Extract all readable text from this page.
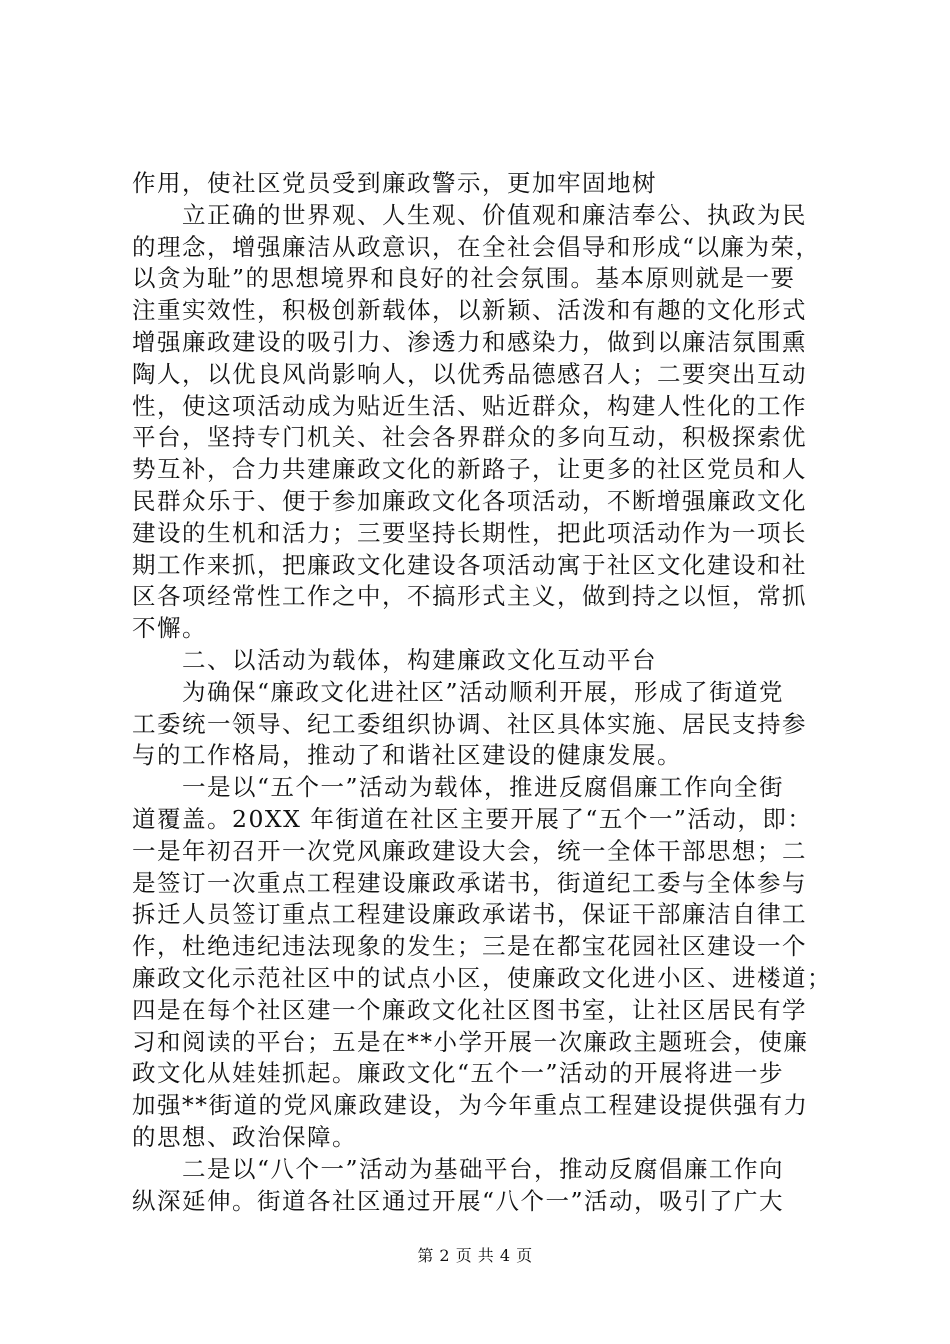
作用，使社区党员受到廉政警示，更加牢固地树
立正确的世界观、人生观、价值观和廉洁奉公、执政为民
的理念，增强廉洁从政意识，在全社会倡导和形成“以廉为荣，
以贪为耻”的思想境界和良好的社会氛围。基本原则就是一要
注重实效性，积极创新载体，以新颖、活泼和有趣的文化形式
增强廉政建设的吸引力、渗透力和感染力，做到以廉洁氛围熏
陶人，以优良风尚影响人，以优秀品德感召人；二要突出互动
性，使这项活动成为贴近生活、贴近群众，构建人性化的工作
平台，坚持专门机关、社会各界群众的多向互动，积极探索优
势互补，合力共建廉政文化的新路子，让更多的社区党员和人
民群众乐于、便于参加廉政文化各项活动，不断增强廉政文化
建设的生机和活力；三要坚持长期性，把此项活动作为一项长
期工作来抓，把廉政文化建设各项活动寓于社区文化建设和社
区各项经常性工作之中，不搞形式主义，做到持之以恒，常抓
不懈。
二、以活动为载体，构建廉政文化互动平台
为确保“廉政文化进社区”活动顺利开展，形成了街道党
工委统一领导、纪工委组织协调、社区具体实施、居民支持参
与的工作格局，推动了和谐社区建设的健康发展。
一是以“五个一”活动为载体，推进反腐倡廉工作向全街
道覆盖。20XX 年街道在社区主要开展了“五个一”活动，即：
一是年初召开一次党风廉政建设大会，统一全体干部思想；二
是签订一次重点工程建设廉政承诺书，街道纪工委与全体参与
拆迁人员签订重点工程建设廉政承诺书，保证干部廉洁自律工
作，杜绝违纪违法现象的发生；三是在都宝花园社区建设一个
廉政文化示范社区中的试点小区，使廉政文化进小区、进楼道；
四是在每个社区建一个廉政文化社区图书室，让社区居民有学
习和阅读的平台；五是在**小学开展一次廉政主题班会，使廉
政文化从娃娃抓起。廉政文化“五个一”活动的开展将进一步
加强**街道的党风廉政建设，为今年重点工程建设提供强有力
的思想、政治保障。
二是以“八个一”活动为基础平台，推动反腐倡廉工作向
纵深延伸。街道各社区通过开展“八个一”活动，吸引了广大
第 2 页 共 4 页
